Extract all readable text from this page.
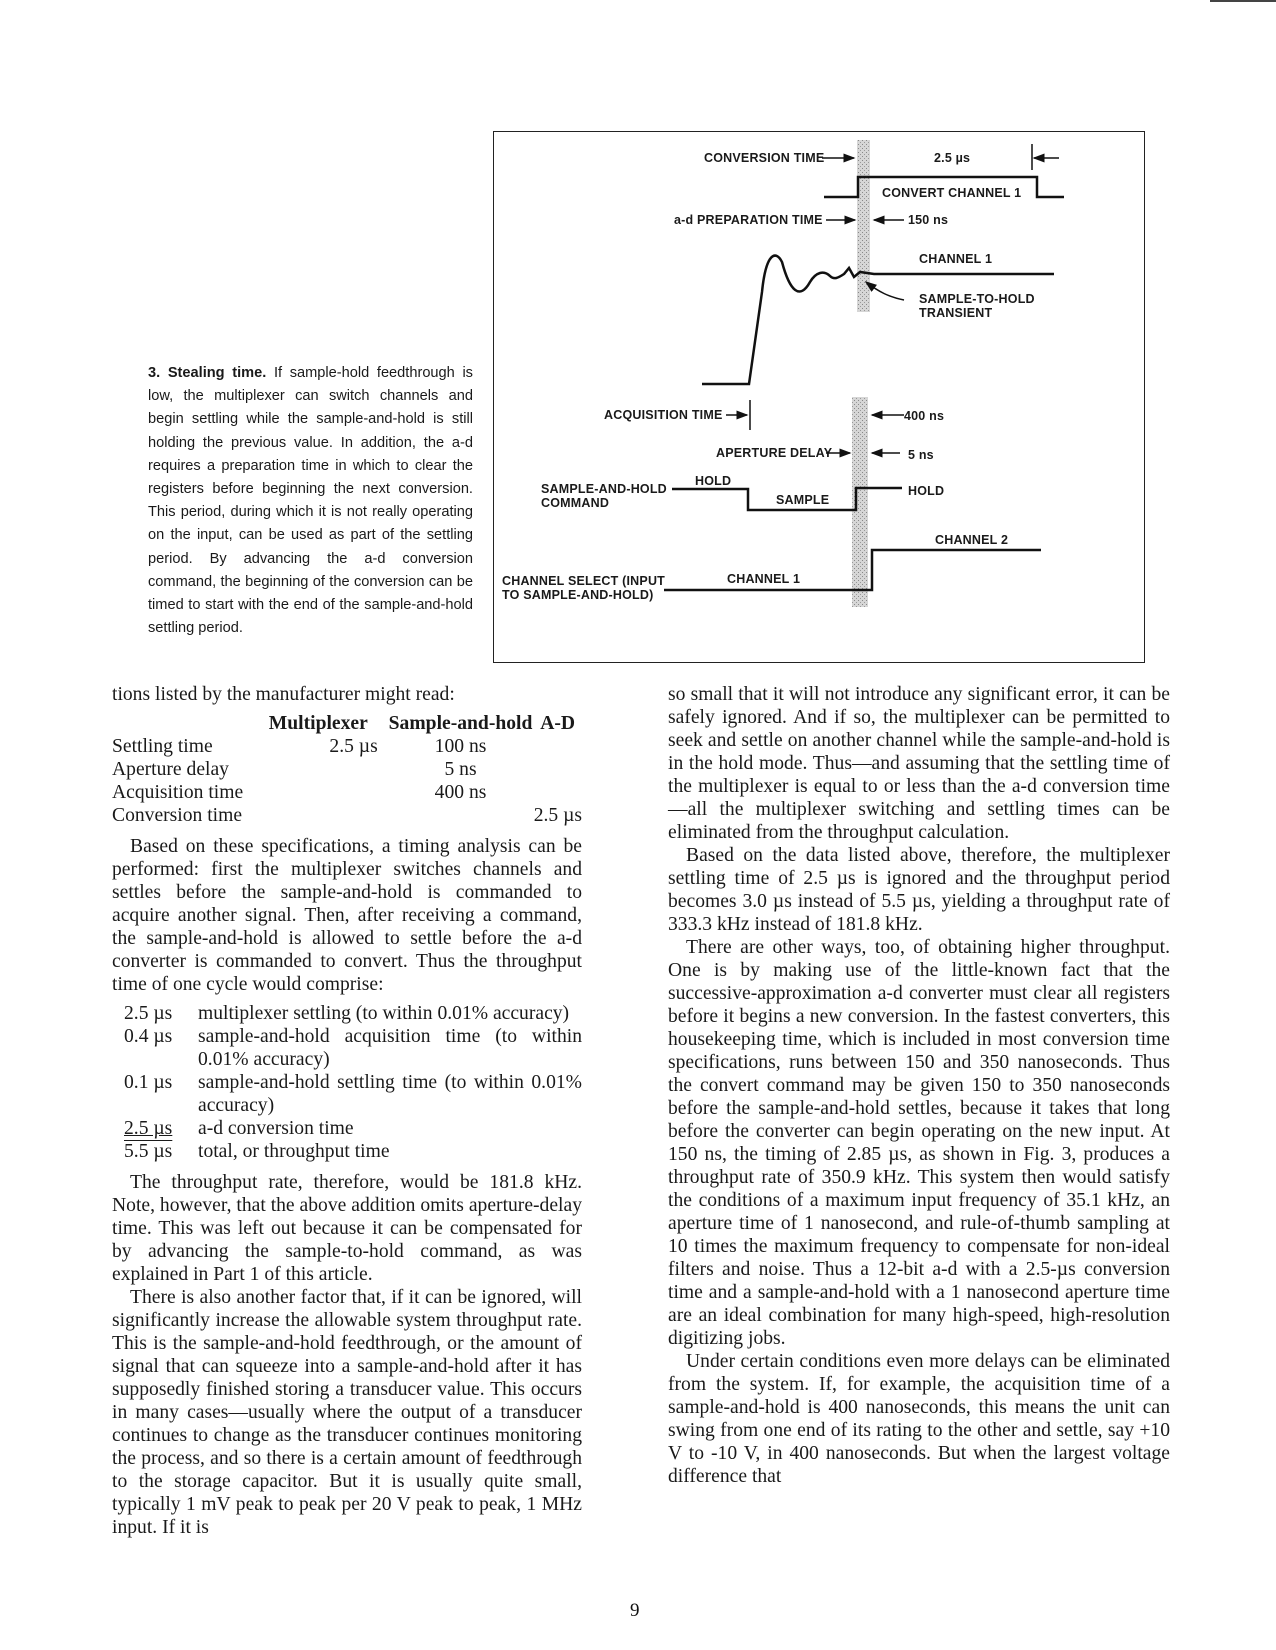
3. Stealing time. If sample-hold feedthrough is low, the multiplexer can switch channels and begin settling while the sample-and-hold is still holding the previous value. In addition, the a-d requires a preparation time in which to clear the registers before beginning the next conversion. This period, during which it is not really operating on the input, can be used as part of the settling period. By advancing the a-d conversion command, the beginning of the conversion can be timed to start with the end of the sample-and-hold settling period.
CONVERSION TIME	2.5 µs
CONVERT CHANNEL 1
a-d PREPARATION TIME	150 ns
CHANNEL 1
SAMPLE-TO-HOLD
TRANSIENT
ACQUISITION TIME	400 ns
APERTURE DELAY	5 ns
SAMPLE-AND-HOLD
COMMAND
HOLD
SAMPLE
HOLD
CHANNEL 2
CHANNEL 1
CHANNEL SELECT (INPUT
TO SAMPLE-AND-HOLD)

tions listed by the manufacturer might read:

	Multiplexer	Sample-and-hold	A-D
Settling time	2.5 µs	100 ns	
Aperture delay		5 ns	
Acquisition time		400 ns	
Conversion time			2.5 µs

Based on these specifications, a timing analysis can be performed: first the multiplexer switches channels and settles before the sample-and-hold is commanded to acquire another signal. Then, after receiving a command, the sample-and-hold is allowed to settle before the a-d converter is commanded to convert. Thus the throughput time of one cycle would comprise:

2.5 µs	multiplexer settling (to within 0.01% accuracy)
0.4 µs	sample-and-hold acquisition time (to within 0.01% accuracy)
0.1 µs	sample-and-hold settling time (to within 0.01% accuracy)
2.5 µs	a-d conversion time
5.5 µs	total, or throughput time

The throughput rate, therefore, would be 181.8 kHz. Note, however, that the above addition omits aperture-delay time. This was left out because it can be compensated for by advancing the sample-to-hold command, as was explained in Part 1 of this article.

There is also another factor that, if it can be ignored, will significantly increase the allowable system throughput rate. This is the sample-and-hold feedthrough, or the amount of signal that can squeeze into a sample-and-hold after it has supposedly finished storing a transducer value. This occurs in many cases—usually where the output of a transducer continues to change as the transducer continues monitoring the process, and so there is a certain amount of feedthrough to the storage capacitor. But it is usually quite small, typically 1 mV peak to peak per 20 V peak to peak, 1 MHz input. If it is

so small that it will not introduce any significant error, it can be safely ignored. And if so, the multiplexer can be permitted to seek and settle on another channel while the sample-and-hold is in the hold mode. Thus—and assuming that the settling time of the multiplexer is equal to or less than the a-d conversion time—all the multiplexer switching and settling times can be eliminated from the throughput calculation.

Based on the data listed above, therefore, the multiplexer settling time of 2.5 µs is ignored and the throughput period becomes 3.0 µs instead of 5.5 µs, yielding a throughput rate of 333.3 kHz instead of 181.8 kHz.

There are other ways, too, of obtaining higher throughput. One is by making use of the little-known fact that the successive-approximation a-d converter must clear all registers before it begins a new conversion. In the fastest converters, this housekeeping time, which is included in most conversion time specifications, runs between 150 and 350 nanoseconds. Thus the convert command may be given 150 to 350 nanoseconds before the sample-and-hold settles, because it takes that long before the converter can begin operating on the new input. At 150 ns, the timing of 2.85 µs, as shown in Fig. 3, produces a throughput rate of 350.9 kHz. This system then would satisfy the conditions of a maximum input frequency of 35.1 kHz, an aperture time of 1 nanosecond, and rule-of-thumb sampling at 10 times the maximum frequency to compensate for non-ideal filters and noise. Thus a 12-bit a-d with a 2.5-µs conversion time and a sample-and-hold with a 1 nanosecond aperture time are an ideal combination for many high-speed, high-resolution digitizing jobs.

Under certain conditions even more delays can be eliminated from the system. If, for example, the acquisition time of a sample-and-hold is 400 nanoseconds, this means the unit can swing from one end of its rating to the other and settle, say +10 V to -10 V, in 400 nanoseconds. But when the largest voltage difference that

9
